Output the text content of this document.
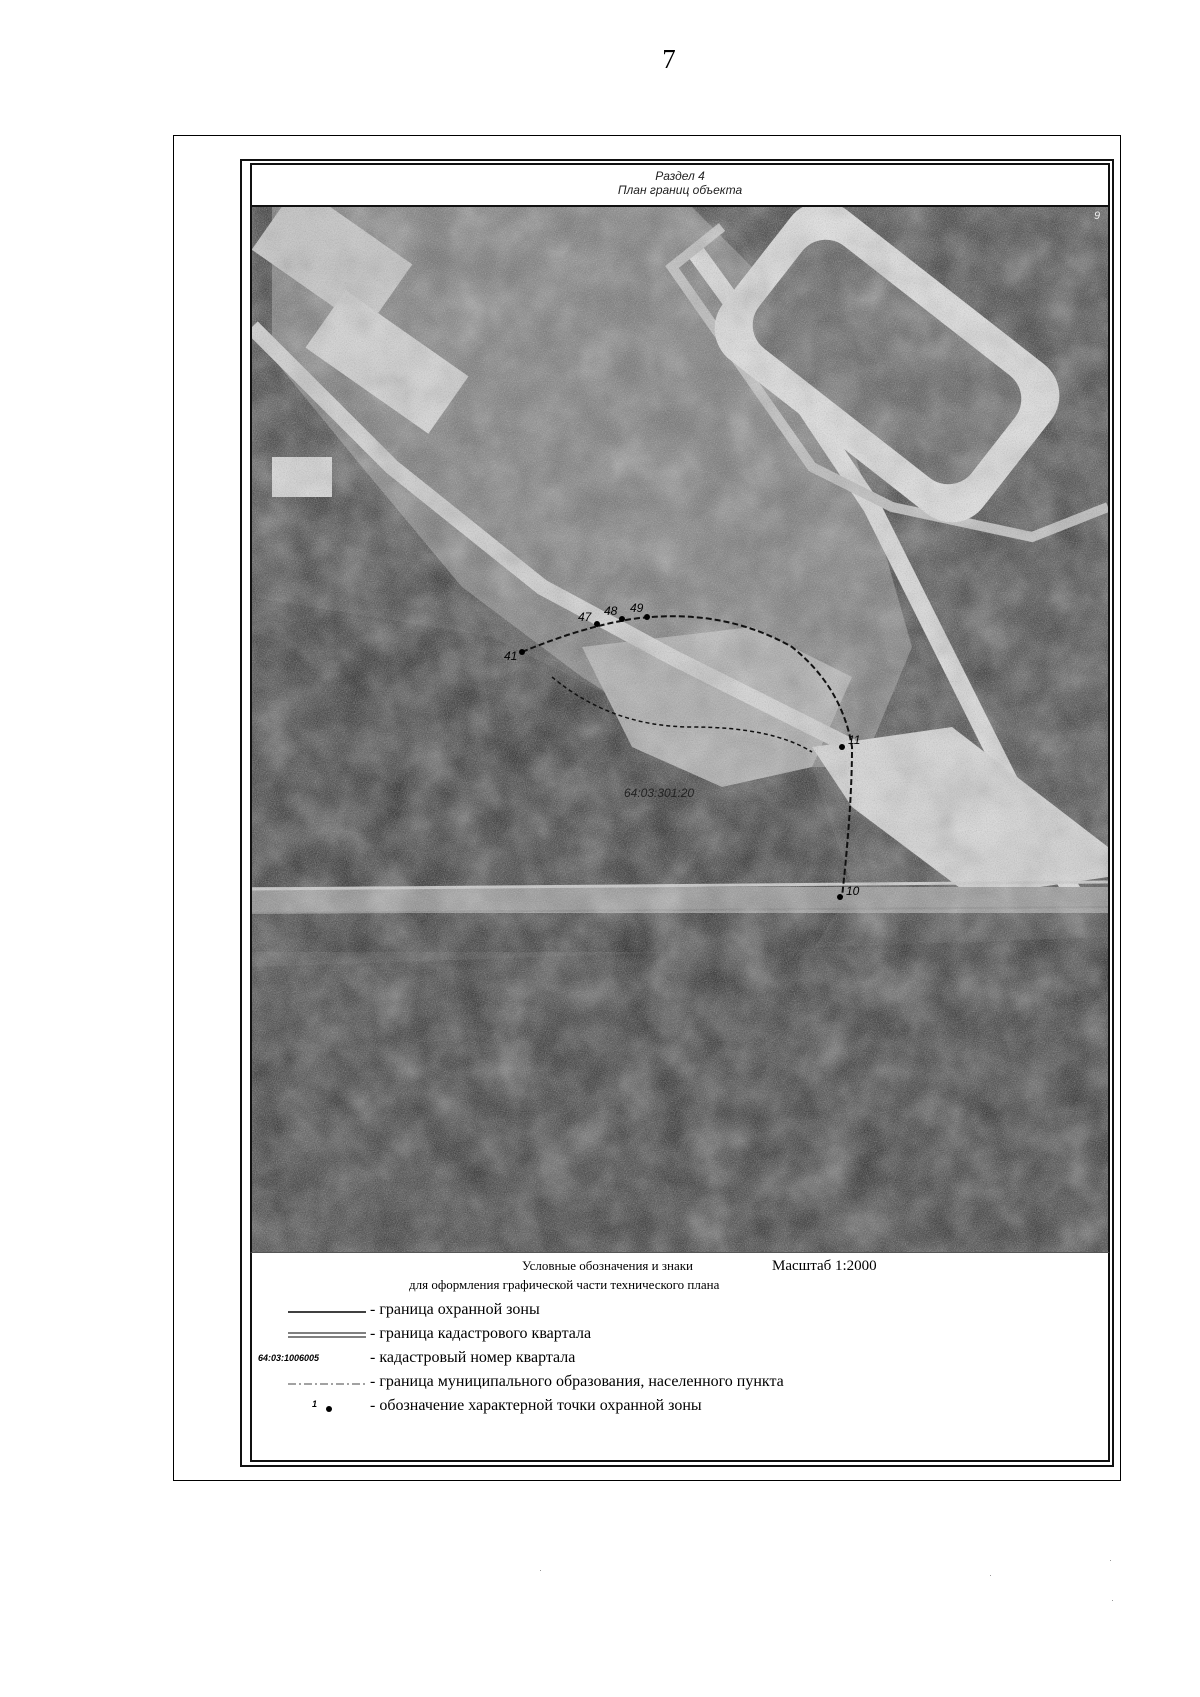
7
Раздел 4
План границ объекта
41
47 48 49
11
10
64:03:301:20
9
Условные обозначения и знаки	Масштаб 1:2000
для оформления графической части технического плана
- граница охранной зоны
- граница кадастрового квартала
64:03:1006005	- кадастровый номер квартала
- граница муниципального образования, населенного пункта
1	- обозначение характерной точки охранной зоны
